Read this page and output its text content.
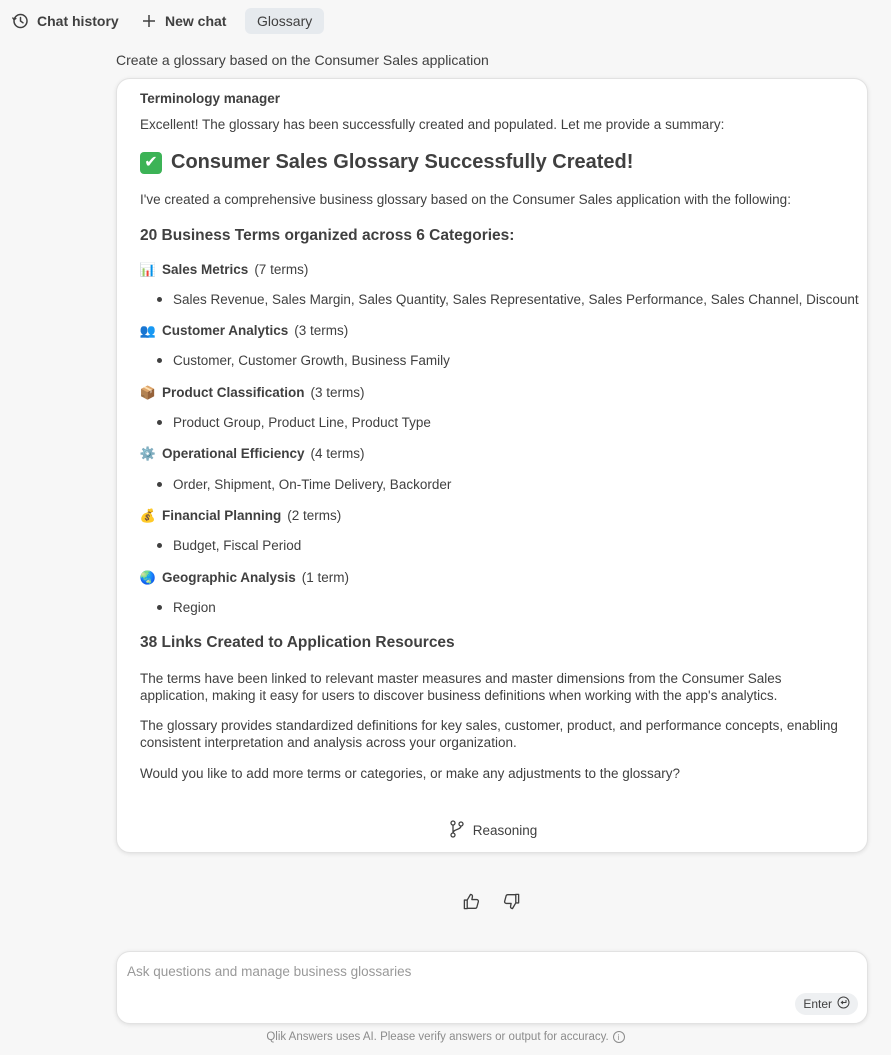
Chat history	New chat	Glossary
Create a glossary based on the Consumer Sales application
Terminology manager
Excellent! The glossary has been successfully created and populated. Let me provide a summary:
✔ Consumer Sales Glossary Successfully Created!
I've created a comprehensive business glossary based on the Consumer Sales application with the following:
20 Business Terms organized across 6 Categories:
📊 Sales Metrics (7 terms)
Sales Revenue, Sales Margin, Sales Quantity, Sales Representative, Sales Performance, Sales Channel, Discount
👥 Customer Analytics (3 terms)
Customer, Customer Growth, Business Family
📦 Product Classification (3 terms)
Product Group, Product Line, Product Type
⚙️ Operational Efficiency (4 terms)
Order, Shipment, On-Time Delivery, Backorder
💰 Financial Planning (2 terms)
Budget, Fiscal Period
🌏 Geographic Analysis (1 term)
Region
38 Links Created to Application Resources
The terms have been linked to relevant master measures and master dimensions from the Consumer Sales application, making it easy for users to discover business definitions when working with the app's analytics.
The glossary provides standardized definitions for key sales, customer, product, and performance concepts, enabling consistent interpretation and analysis across your organization.
Would you like to add more terms or categories, or make any adjustments to the glossary?
Reasoning
Ask questions and manage business glossaries
Enter
Qlik Answers uses AI. Please verify answers or output for accuracy.	i
